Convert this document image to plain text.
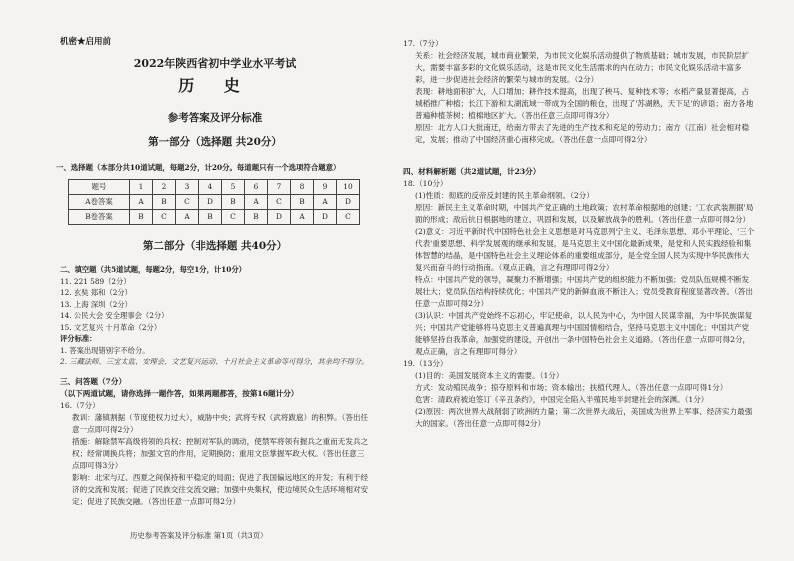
机密★启用前
2022年陕西省初中学业水平考试
历 史
参考答案及评分标准
第一部分（选择题 共20分）
一、选择题（本部分共10道试题，每题2分，计20分。每道题只有一个选项符合题意）
题号	1	2	3	4	5	6	7	8	9	10
A卷答案	A	B	C	D	B	A	C	B	A	D
B卷答案	B	C	A	B	C	B	D	A	D	C
第二部分（非选择题 共40分）
二、填空题（共5道试题，每题2分，每空1分，计10分）
11. 221 589（2分）
12. 玄奘 郑和（2分）
13. 上海 深圳（2分）
14. 公民大会 安全理事会（2分）
15. 文艺复兴 十月革命（2分）
评分标准：
1. 答案出现错别字不给分。
2. 三藏法师、三宝太监、安理会、文艺复兴运动、十月社会主义革命等可得分，其余均不得分。
三、问答题（7分）
（以下两道试题，请你选择一题作答，如果两题都答，按第16题计分）
16.（7分）
教训：藩镇割据（节度使权力过大），威胁中央；武将专权（武将跋扈）的积弊。（答出任意一点即可得2分）
措施：解除禁军高级将领的兵权；控制对军队的调动，使禁军将领有握兵之重而无发兵之权；经常调换兵将；加强文官的作用，定期换防；重用文臣掌握军政大权。（答出任意三点即可得3分）
影响：北宋与辽、西夏之间保持和平稳定的局面；促进了我国偏远地区的开发；有利于经济的交流和发展；促进了民族交往交流交融；加强中央集权，使边境民众生活环境相对安定；促进了民族交融。（答出任意一点即可得2分）
历史参考答案及评分标准 第1页（共3页）
17.（7分）
关系：社会经济发展，城市商业繁荣，为市民文化娱乐活动提供了物质基础；城市发展，市民阶层扩大，需要丰富多彩的文化娱乐活动，这是市民文化生活需求的内在动力；市民文化娱乐活动丰富多彩，进一步促进社会经济的繁荣与城市的发展。（2分）
表现：耕地面积扩大，人口增加；耕作技术提高，出现了秧马、复种技术等；水稻产量显著提高，占城稻推广种植；长江下游和太湖流域一带成为全国的粮仓，出现了'苏湖熟，天下足'的谚语；南方各地普遍种植茶树；植棉地区扩大。（答出任意三点即可得3分）
原因：北方人口大批南迁，给南方带去了先进的生产技术和充足的劳动力；南方（江南）社会相对稳定，发展；推动了中国经济重心南移完成。（答出任意一点即可得2分）
四、材料解析题（共2道试题，计23分）
18.（10分）
(1)性质：彻底的反帝反封建的民主革命纲领。（2分）
原因：新民主主义革命时期，中国共产党正确的土地政策；农村革命根据地的创建；'工农武装割据'局面的形成；敌后抗日根据地的建立、巩固和发展，以及解放战争的胜利。（答出任意一点即可得2分）
(2)意义：习近平新时代中国特色社会主义思想是对马克思列宁主义、毛泽东思想、邓小平理论、'三个代表'重要思想、科学发展观的继承和发展，是马克思主义中国化最新成果，是党和人民实践经验和集体智慧的结晶，是中国特色社会主义理论体系的重要组成部分，是全党全国人民为实现中华民族伟大复兴而奋斗的行动指南。（观点正确，言之有理即可得2分）
特点：中国共产党的领导，凝聚力不断增强；中国共产党的组织能力不断加强；党员队伍规模不断发展壮大；党员队伍结构持续优化；中国共产党的新鲜血液不断注入；党员受教育程度显著改善。（答出任意一点即可得2分）
(3)认识：中国共产党始终不忘初心，牢记使命，以人民为中心，为中国人民谋幸福，为中华民族谋复兴；中国共产党能够将马克思主义普遍真理与中国国情相结合，坚持马克思主义中国化；中国共产党能够坚持自我革命，加强党的建设，开创出一条中国特色社会主义道路。（答出任意一点即可得2分，观点正确，言之有理即可得分）
19.（13分）
(1)目的：美国发展资本主义的需要。（1分）
方式：发动殖民战争；掠夺原料和市场；资本输出；扶植代理人。（答出任意一点即可得1分）
危害：清政府被迫签订《辛丑条约》，中国完全陷入半殖民地半封建社会的深渊。（1分）
(2)原因：两次世界大战削弱了欧洲的力量；第二次世界大战后，美国成为世界上军事、经济实力最强大的国家。（答出任意一点即可得2分）
